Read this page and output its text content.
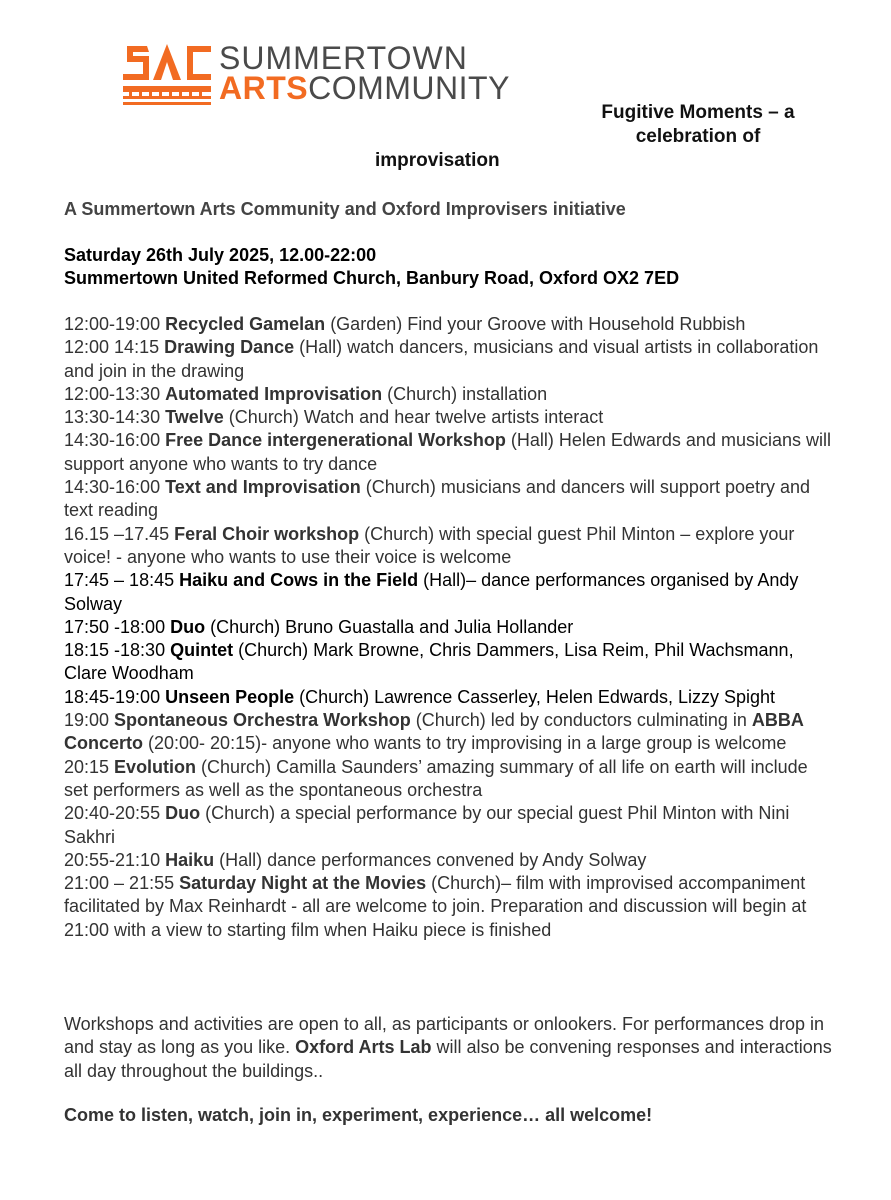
SUMMERTOWN
ARTSCOMMUNITY
Fugitive Moments – a celebration of
improvisation
A Summertown Arts Community and Oxford Improvisers initiative
Saturday 26th July 2025, 12.00-22:00
Summertown United Reformed Church, Banbury Road, Oxford OX2 7ED

12:00-19:00 Recycled Gamelan (Garden) Find your Groove with Household Rubbish

12:00 14:15 Drawing Dance (Hall) watch dancers, musicians and visual artists in collaboration and join in the drawing

12:00-13:30 Automated Improvisation (Church) installation

13:30-14:30 Twelve (Church) Watch and hear twelve artists interact

14:30-16:00 Free Dance intergenerational Workshop (Hall) Helen Edwards and musicians will support anyone who wants to try dance

14:30-16:00 Text and Improvisation (Church) musicians and dancers will support poetry and text reading

16.15 –17.45 Feral Choir workshop (Church) with special guest Phil Minton – explore your voice! - anyone who wants to use their voice is welcome

17:45 – 18:45 Haiku and Cows in the Field (Hall)– dance performances organised by Andy Solway

17:50 -18:00 Duo (Church) Bruno Guastalla and Julia Hollander

18:15 -18:30 Quintet (Church) Mark Browne, Chris Dammers, Lisa Reim, Phil Wachsmann, Clare Woodham

18:45-19:00 Unseen People (Church) Lawrence Casserley, Helen Edwards, Lizzy Spight

19:00 Spontaneous Orchestra Workshop (Church) led by conductors culminating in ABBA Concerto (20:00- 20:15)- anyone who wants to try improvising in a large group is welcome

20:15 Evolution (Church) Camilla Saunders’ amazing summary of all life on earth will include set performers as well as the spontaneous orchestra

20:40-20:55 Duo (Church) a special performance by our special guest Phil Minton with Nini Sakhri

20:55-21:10 Haiku (Hall) dance performances convened by Andy Solway

21:00 – 21:55 Saturday Night at the Movies (Church)– film with improvised accompaniment facilitated by Max Reinhardt - all are welcome to join. Preparation and discussion will begin at 21:00 with a view to starting film when Haiku piece is finished

Workshops and activities are open to all, as participants or onlookers. For performances drop in and stay as long as you like. Oxford Arts Lab will also be convening responses and interactions all day throughout the buildings..
Come to listen, watch, join in, experiment, experience… all welcome!
